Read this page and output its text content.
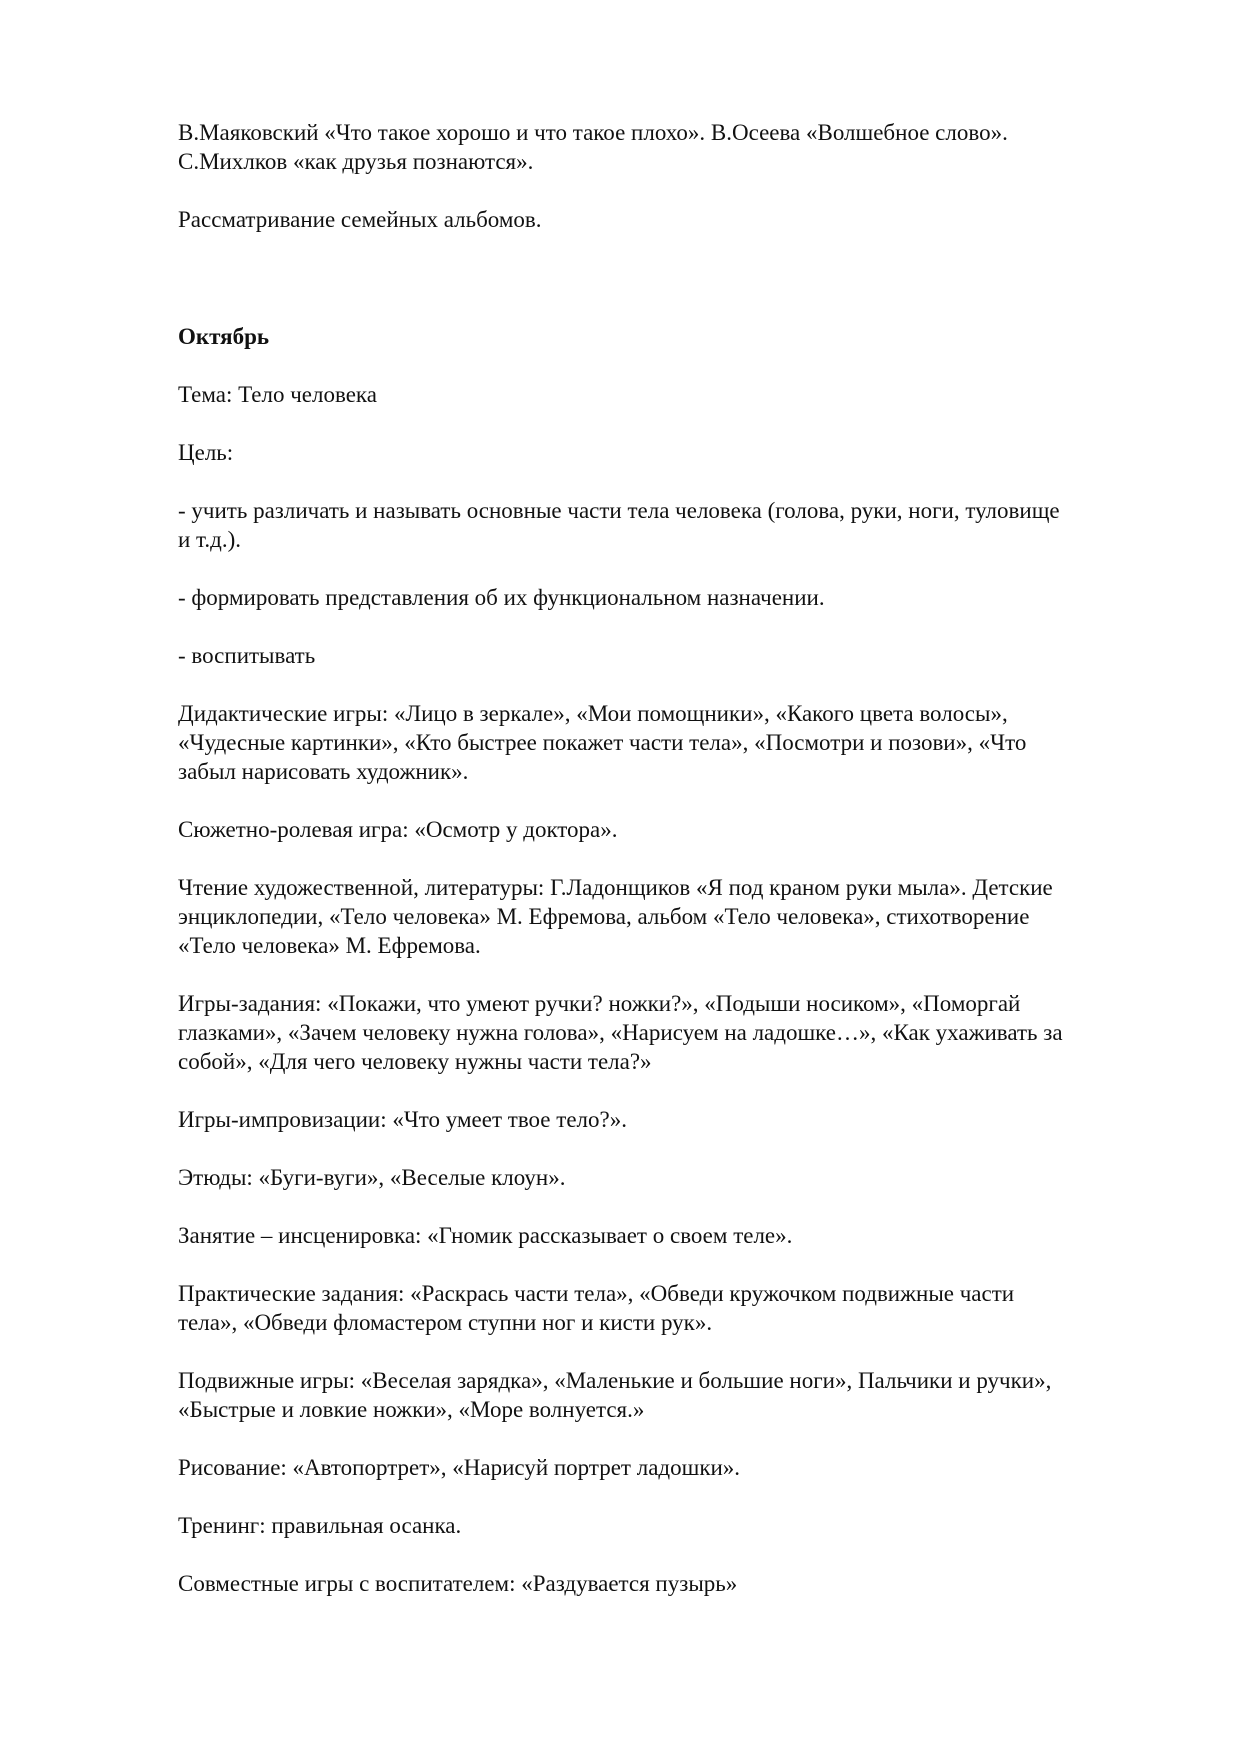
В.Маяковский «Что такое хорошо и что такое плохо». В.Осеева «Волшебное слово».
С.Михлков «как друзья познаются».

Рассматривание семейных альбомов.

Октябрь

Тема: Тело человека

Цель:

- учить различать и называть основные части тела человека (голова, руки, ноги, туловище
и т.д.).

- формировать представления об их функциональном назначении.

- воспитывать

Дидактические игры: «Лицо в зеркале», «Мои помощники», «Какого цвета волосы»,
«Чудесные картинки», «Кто быстрее покажет части тела», «Посмотри и позови», «Что
забыл нарисовать художник».

Сюжетно-ролевая игра: «Осмотр у доктора».

Чтение художественной, литературы: Г.Ладонщиков «Я под краном руки мыла». Детские
энциклопедии, «Тело человека» М. Ефремова, альбом «Тело человека», стихотворение
«Тело человека» М. Ефремова.

Игры-задания: «Покажи, что умеют ручки? ножки?», «Подыши носиком», «Поморгай
глазками», «Зачем человеку нужна голова», «Нарисуем на ладошке…», «Как ухаживать за
собой», «Для чего человеку нужны части тела?»

Игры-импровизации: «Что умеет твое тело?».

Этюды: «Буги-вуги», «Веселые клоун».

Занятие – инсценировка: «Гномик рассказывает о своем теле».

Практические задания: «Раскрась части тела», «Обведи кружочком подвижные части
тела», «Обведи фломастером ступни ног и кисти рук».

Подвижные игры: «Веселая зарядка», «Маленькие и большие ноги», Пальчики и ручки»,
«Быстрые и ловкие ножки», «Море волнуется.»

Рисование: «Автопортрет», «Нарисуй портрет ладошки».

Тренинг: правильная осанка.

Совместные игры с воспитателем: «Раздувается пузырь»
